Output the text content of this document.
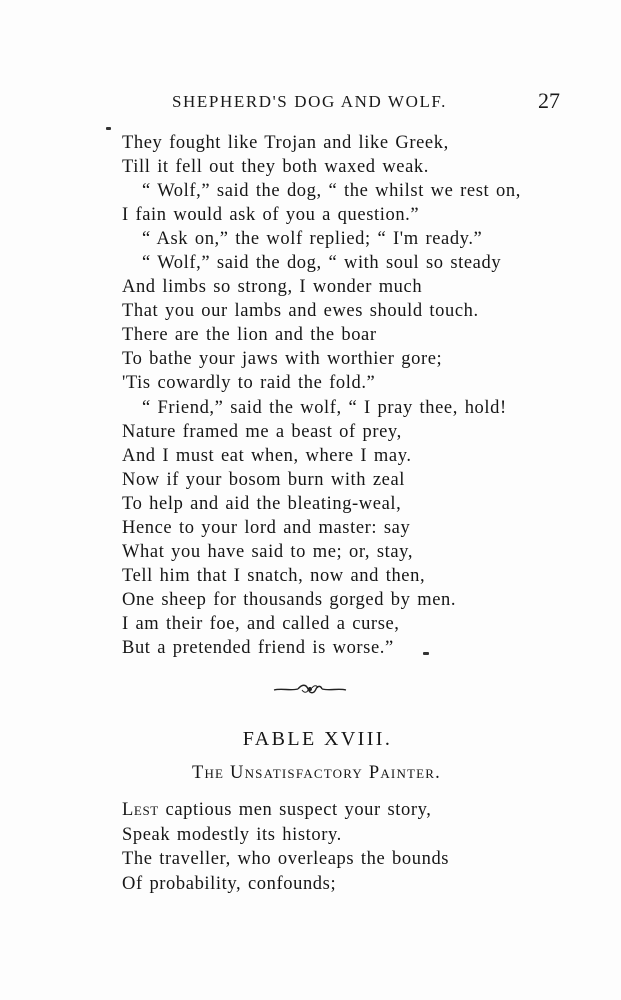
SHEPHERD'S DOG AND WOLF.	27
They fought like Trojan and like Greek,
Till it fell out they both waxed weak.
“ Wolf,” said the dog, “ the whilst we rest on,
I fain would ask of you a question.”
“ Ask on,” the wolf replied; “ I'm ready.”
“ Wolf,” said the dog, “ with soul so steady
And limbs so strong, I wonder much
That you our lambs and ewes should touch.
There are the lion and the boar
To bathe your jaws with worthier gore;
'Tis cowardly to raid the fold.”
“ Friend,” said the wolf, “ I pray thee, hold!
Nature framed me a beast of prey,
And I must eat when, where I may.
Now if your bosom burn with zeal
To help and aid the bleating-weal,
Hence to your lord and master: say
What you have said to me; or, stay,
Tell him that I snatch, now and then,
One sheep for thousands gorged by men.
I am their foe, and called a curse,
But a pretended friend is worse.”
FABLE XVIII.
The Unsatisfactory Painter.
Lest captious men suspect your story,
Speak modestly its history.
The traveller, who overleaps the bounds
Of probability, confounds;
